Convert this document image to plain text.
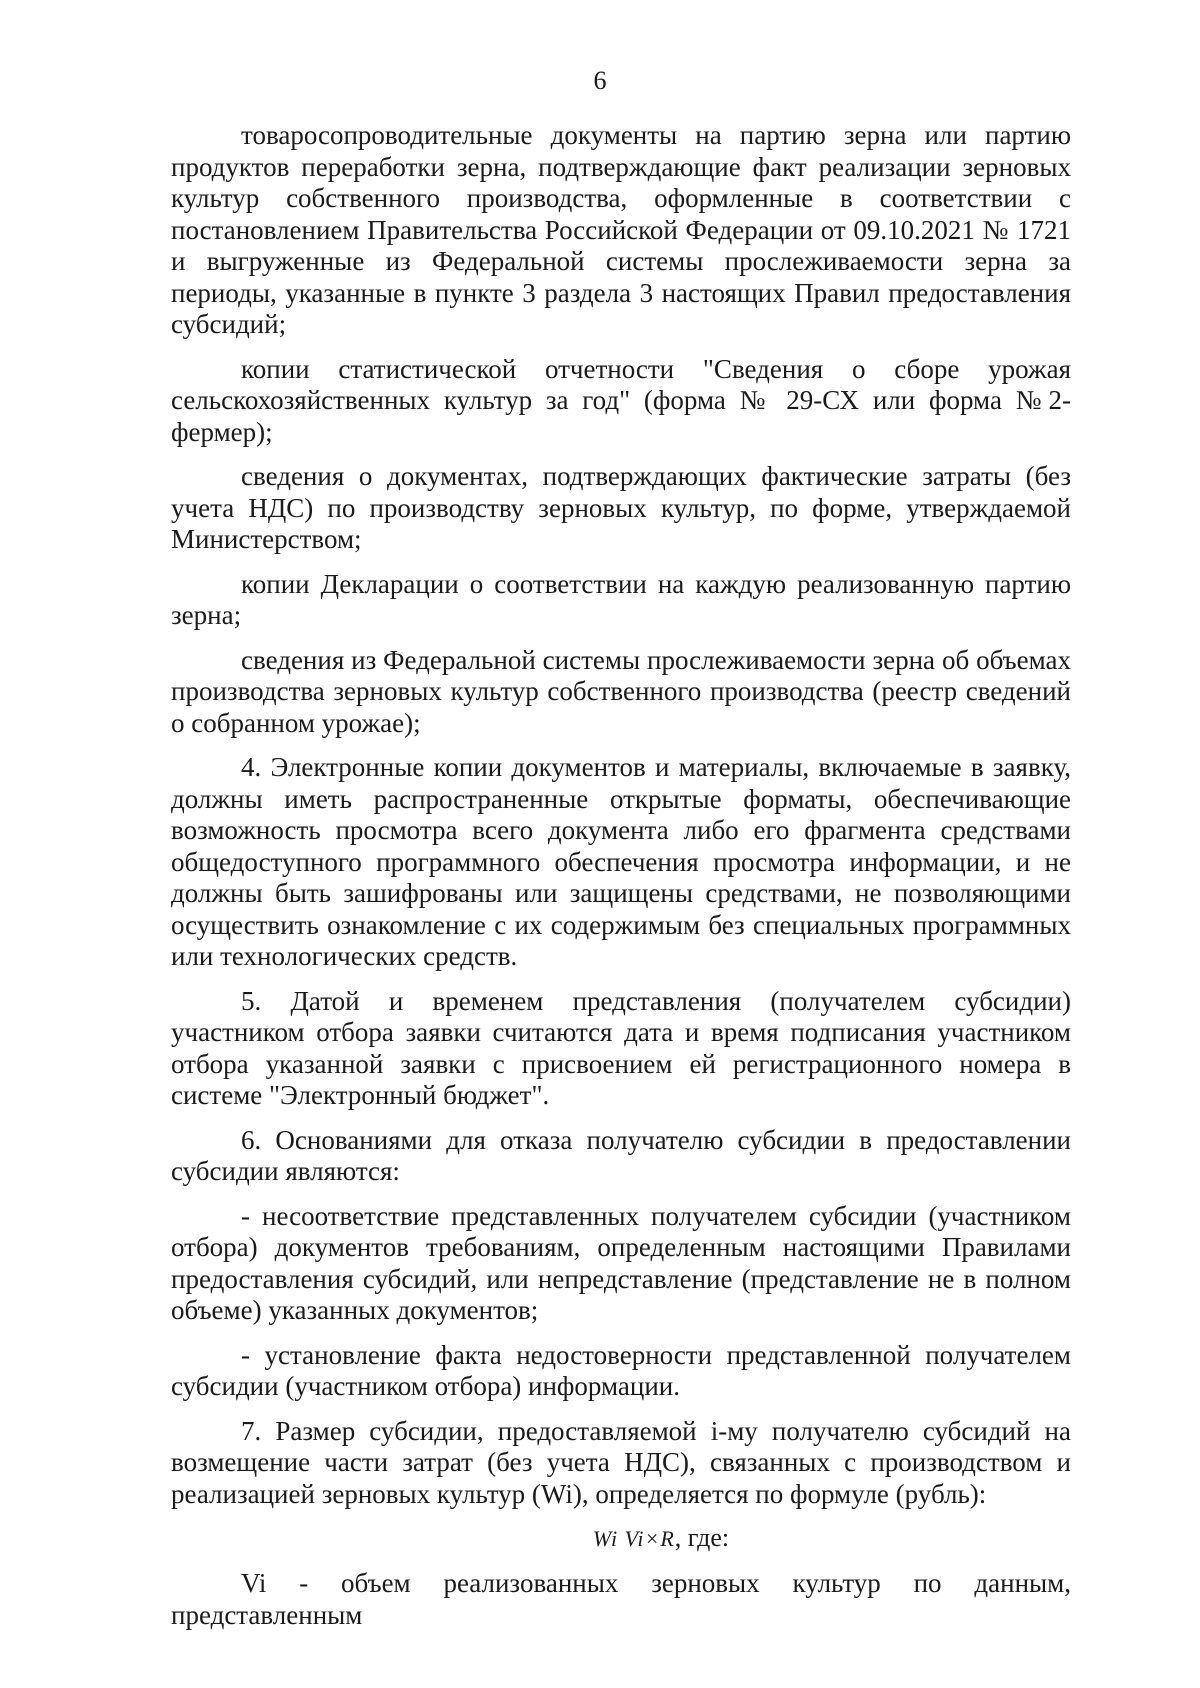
6

товаросопроводительные документы на партию зерна или партию продуктов переработки зерна, подтверждающие факт реализации зерновых культур собственного производства, оформленные в соответствии с постановлением Правительства Российской Федерации от 09.10.2021 № 1721 и выгруженные из Федеральной системы прослеживаемости зерна за периоды, указанные в пункте 3 раздела 3 настоящих Правил предоставления субсидий;

копии статистической отчетности "Сведения о сборе урожая сельскохозяйственных культур за год" (форма № 29-СХ или форма №2-фермер);

сведения о документах, подтверждающих фактические затраты (без учета НДС) по производству зерновых культур, по форме, утверждаемой Министерством;

копии Декларации о соответствии на каждую реализованную партию зерна;

сведения из Федеральной системы прослеживаемости зерна об объемах производства зерновых культур собственного производства (реестр сведений о собранном урожае);

4. Электронные копии документов и материалы, включаемые в заявку, должны иметь распространенные открытые форматы, обеспечивающие возможность просмотра всего документа либо его фрагмента средствами общедоступного программного обеспечения просмотра информации, и не должны быть зашифрованы или защищены средствами, не позволяющими осуществить ознакомление с их содержимым без специальных программных или технологических средств.

5. Датой и временем представления (получателем субсидии) участником отбора заявки считаются дата и время подписания участником отбора указанной заявки с присвоением ей регистрационного номера в системе "Электронный бюджет".

6. Основаниями для отказа получателю субсидии в предоставлении субсидии являются:

- несоответствие представленных получателем субсидии (участником отбора) документов требованиям, определенным настоящими Правилами предоставления субсидий, или непредставление (представление не в полном объеме) указанных документов;

- установление факта недостоверности представленной получателем субсидии (участником отбора) информации.

7. Размер субсидии, предоставляемой i-му получателю субсидий на возмещение части затрат (без учета НДС), связанных с производством и реализацией зерновых культур (Wi), определяется по формуле (рубль):

Wi Vi×R, где:

Vi - объем реализованных зерновых культур по данным, представленным
